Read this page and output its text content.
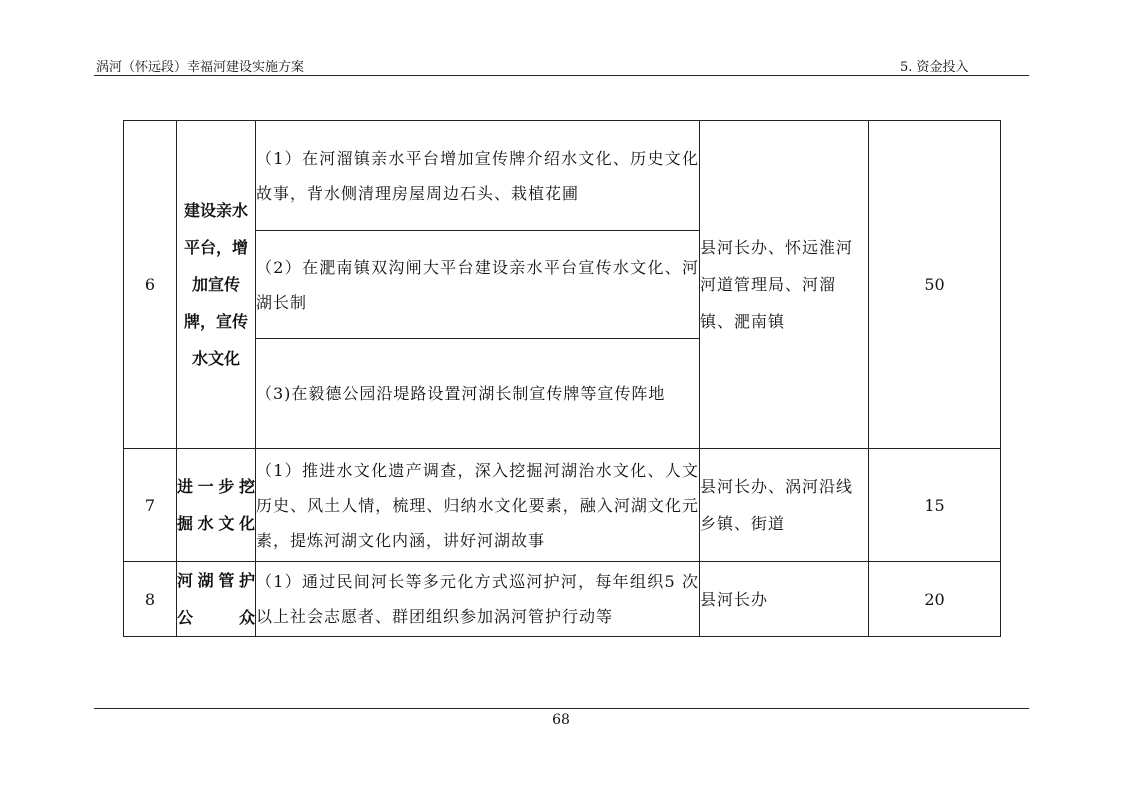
涡河（怀远段）幸福河建设实施方案	5. 资金投入
6	建设亲水平台，增加宣传牌，宣传水文化	（1）在河溜镇亲水平台增加宣传牌介绍水文化、历史文化故事，背水侧清理房屋周边石头、栽植花圃	县河长办、怀远淮河河道管理局、河溜镇、淝南镇	50
		（2）在淝南镇双沟闸大平台建设亲水平台宣传水文化、河湖长制		
		（3)在毅德公园沿堤路设置河湖长制宣传牌等宣传阵地		
7	进一步挖掘水文化	（1）推进水文化遗产调查，深入挖掘河湖治水文化、人文历史、风土人情，梳理、归纳水文化要素，融入河湖文化元素，提炼河湖文化内涵，讲好河湖故事	县河长办、涡河沿线乡镇、街道	15
8	河湖管护公众	（1）通过民间河长等多元化方式巡河护河，每年组织5 次以上社会志愿者、群团组织参加涡河管护行动等	县河长办	20
68
